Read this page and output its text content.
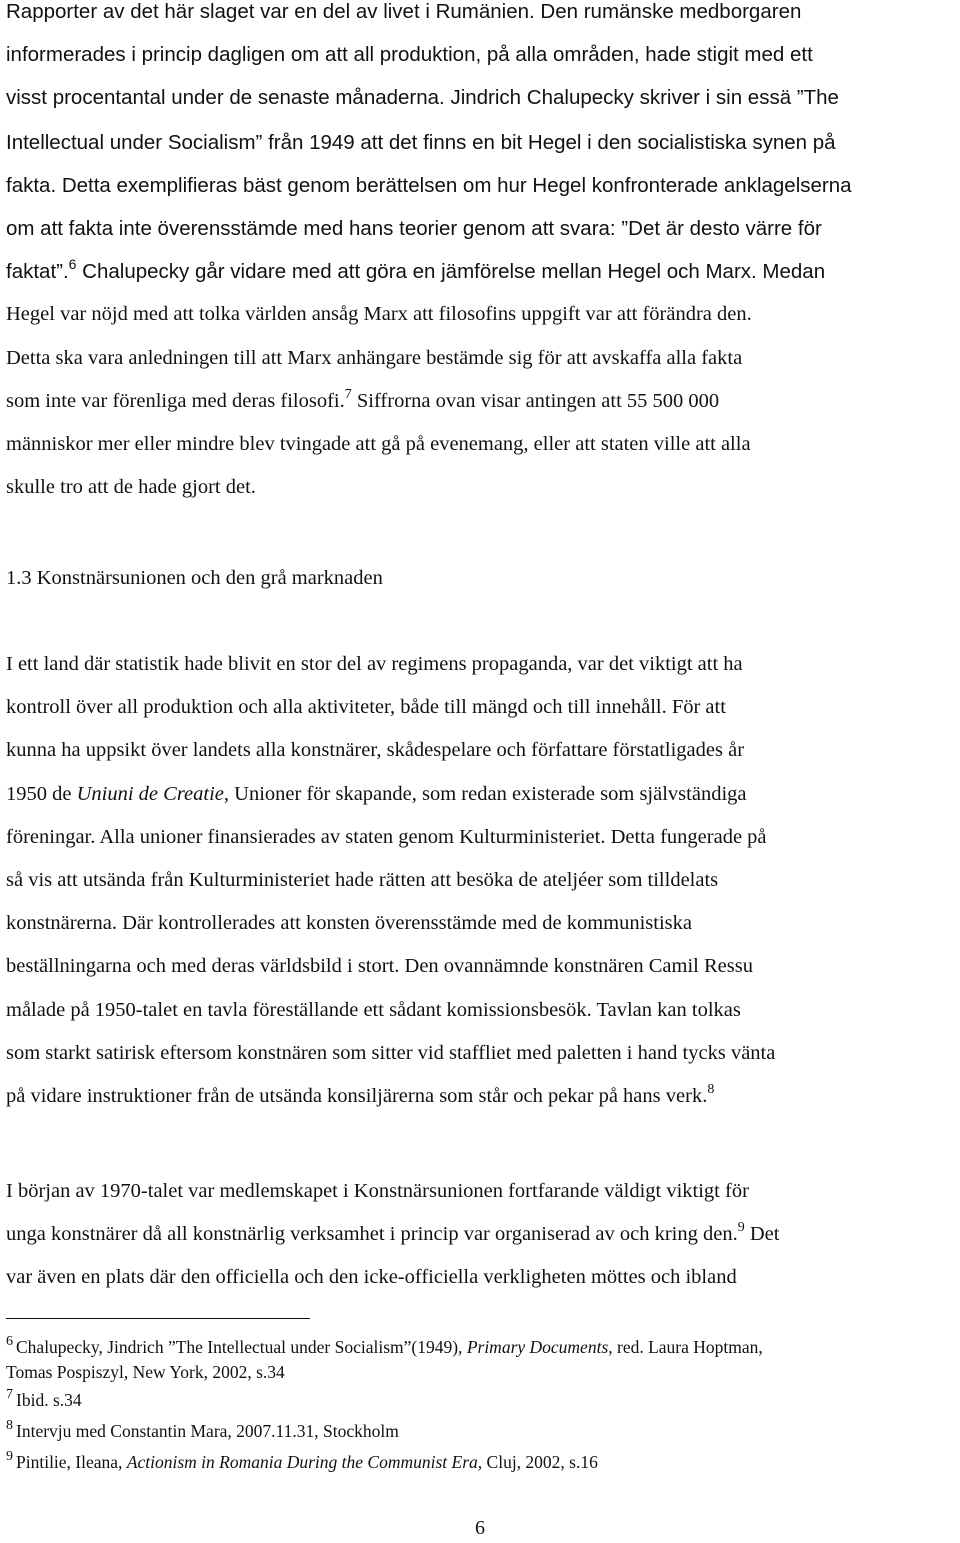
Rapporter av det här slaget var en del av livet i Rumänien. Den rumänske medborgaren
informerades i princip dagligen om att all produktion, på alla områden, hade stigit med ett
visst procentantal under de senaste månaderna. Jindrich Chalupecky skriver i sin essä ”The
Intellectual under Socialism” från 1949 att det finns en bit Hegel i den socialistiska synen på
fakta. Detta exemplifieras bäst genom berättelsen om hur Hegel konfronterade anklagelserna
om att fakta inte överensstämde med hans teorier genom att svara: ”Det är desto värre för
faktat”.$^6$ Chalupecky går vidare med att göra en jämförelse mellan Hegel och Marx. Medan
Hegel var nöjd med att tolka världen ansåg Marx att filosofins uppgift var att förändra den.
Detta ska vara anledningen till att Marx anhängare bestämde sig för att avskaffa alla fakta
som inte var förenliga med deras filosofi.$^7$ Siffrorna ovan visar antingen att 55 500 000
människor mer eller mindre blev tvingade att gå på evenemang, eller att staten ville att alla
skulle tro att de hade gjort det.

1.3 Konstnärsunionen och den grå marknaden

I ett land där statistik hade blivit en stor del av regimens propaganda, var det viktigt att ha
kontroll över all produktion och alla aktiviteter, både till mängd och till innehåll. För att
kunna ha uppsikt över landets alla konstnärer, skådespelare och författare förstatligades år
1950 de Uniuni de Creatie, Unioner för skapande, som redan existerade som självständiga
föreningar. Alla unioner finansierades av staten genom Kulturministeriet. Detta fungerade på
så vis att utsända från Kulturministeriet hade rätten att besöka de ateljéer som tilldelats
konstnärerna. Där kontrollerades att konsten överensstämde med de kommunistiska
beställningarna och med deras världsbild i stort. Den ovannämnde konstnären Camil Ressu
målade på 1950-talet en tavla föreställande ett sådant komissionsbesök. Tavlan kan tolkas
som starkt satirisk eftersom konstnären som sitter vid staffliet med paletten i hand tycks vänta
på vidare instruktioner från de utsända konsiljärerna som står och pekar på hans verk.$^8$

I början av 1970-talet var medlemskapet i Konstnärsunionen fortfarande väldigt viktigt för
unga konstnärer då all konstnärlig verksamhet i princip var organiserad av och kring den.$^9$ Det
var även en plats där den officiella och den icke-officiella verkligheten möttes och ibland

$^6$ Chalupecky, Jindrich ”The Intellectual under Socialism”(1949), Primary Documents, red. Laura Hoptman,
Tomas Pospiszyl, New York, 2002, s.34
$^7$ Ibid. s.34
$^8$ Intervju med Constantin Mara, 2007.11.31, Stockholm
$^9$ Pintilie, Ileana, Actionism in Romania During the Communist Era, Cluj, 2002, s.16
6
